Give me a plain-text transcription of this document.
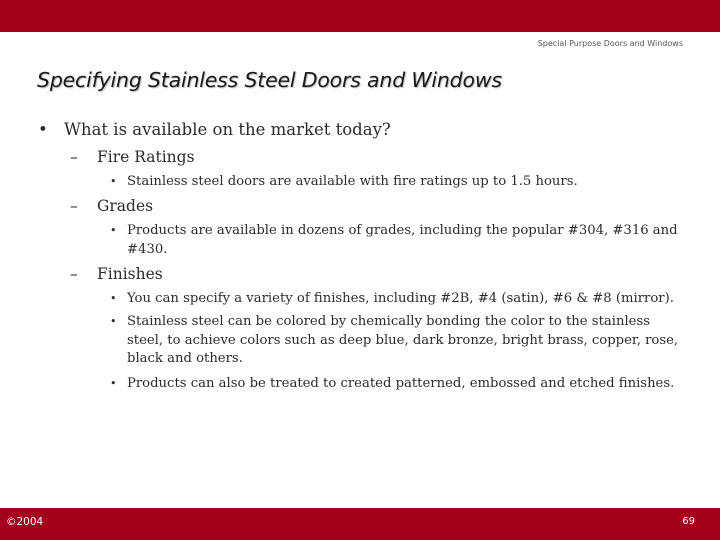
Special Purpose Doors and Windows
Specifying Stainless Steel Doors and Windows
• What is available on the market today?
– Fire Ratings
• Stainless steel doors are available with fire ratings up to 1.5 hours.
– Grades
• Products are available in dozens of grades, including the popular #304, #316 and #430.
– Finishes
• You can specify a variety of finishes, including #2B, #4 (satin), #6 & #8 (mirror).
• Stainless steel can be colored by chemically bonding the color to the stainless steel, to achieve colors such as deep blue, dark bronze, bright brass, copper, rose, black and others.
• Products can also be treated to created patterned, embossed and etched finishes.
©2004	69
